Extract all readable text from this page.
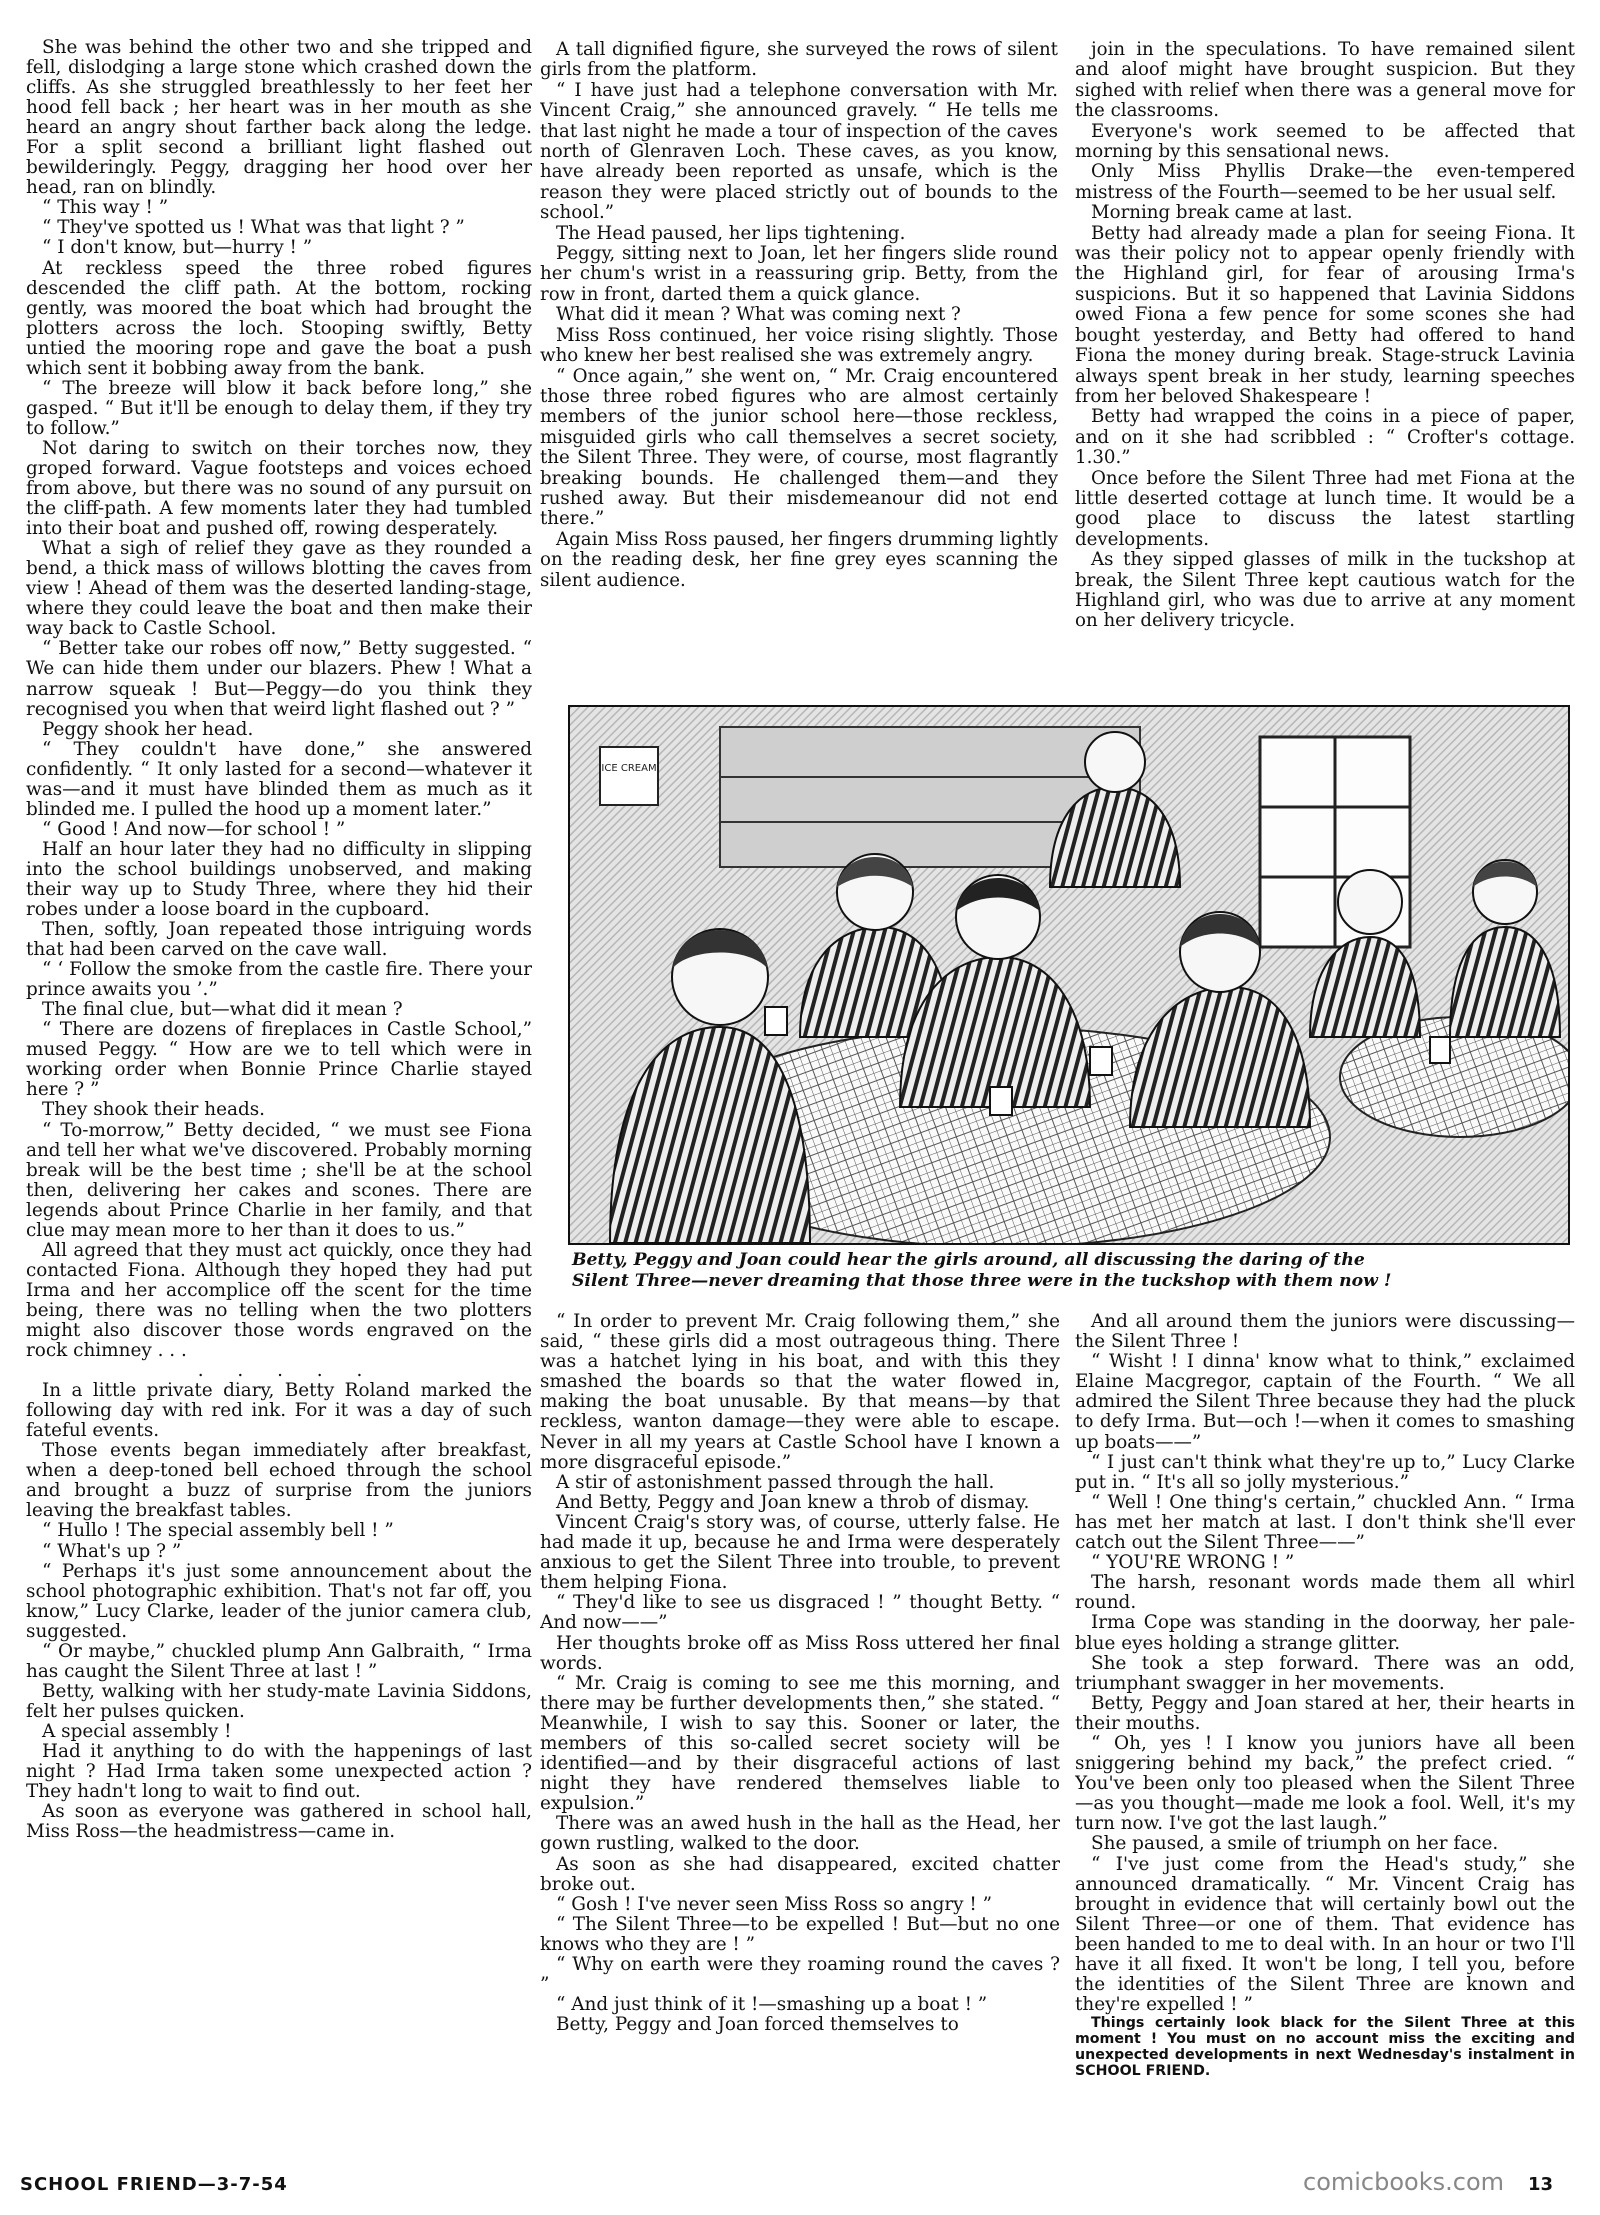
She was behind the other two and she tripped and fell, dislodging a large stone which crashed down the cliffs. As she struggled breathlessly to her feet her hood fell back ; her heart was in her mouth as she heard an angry shout farther back along the ledge. For a split second a brilliant light flashed out bewilderingly. Peggy, dragging her hood over her head, ran on blindly.

“ This way ! ”

“ They've spotted us ! What was that light ? ”

“ I don't know, but—hurry ! ”

At reckless speed the three robed figures descended the cliff path. At the bottom, rocking gently, was moored the boat which had brought the plotters across the loch. Stooping swiftly, Betty untied the mooring rope and gave the boat a push which sent it bobbing away from the bank.

“ The breeze will blow it back before long,” she gasped. “ But it'll be enough to delay them, if they try to follow.”

Not daring to switch on their torches now, they groped forward. Vague footsteps and voices echoed from above, but there was no sound of any pursuit on the cliff-path. A few moments later they had tumbled into their boat and pushed off, rowing desperately.

What a sigh of relief they gave as they rounded a bend, a thick mass of willows blotting the caves from view ! Ahead of them was the deserted landing-stage, where they could leave the boat and then make their way back to Castle School.

“ Better take our robes off now,” Betty suggested. “ We can hide them under our blazers. Phew ! What a narrow squeak ! But—Peggy—do you think they recognised you when that weird light flashed out ? ”

Peggy shook her head.

“ They couldn't have done,” she answered confidently. “ It only lasted for a second—whatever it was—and it must have blinded them as much as it blinded me. I pulled the hood up a moment later.”

“ Good ! And now—for school ! ”

Half an hour later they had no difficulty in slipping into the school buildings unobserved, and making their way up to Study Three, where they hid their robes under a loose board in the cupboard.

Then, softly, Joan repeated those intriguing words that had been carved on the cave wall.

“ ‘ Follow the smoke from the castle fire. There your prince awaits you ’.”

The final clue, but—what did it mean ?

“ There are dozens of fireplaces in Castle School,” mused Peggy. “ How are we to tell which were in working order when Bonnie Prince Charlie stayed here ? ”

They shook their heads.

“ To-morrow,” Betty decided, “ we must see Fiona and tell her what we've discovered. Probably morning break will be the best time ; she'll be at the school then, delivering her cakes and scones. There are legends about Prince Charlie in her family, and that clue may mean more to her than it does to us.”

All agreed that they must act quickly, once they had contacted Fiona. Although they hoped they had put Irma and her accomplice off the scent for the time being, there was no telling when the two plotters might also discover those words engraved on the rock chimney . . .

. . . . .

In a little private diary, Betty Roland marked the following day with red ink. For it was a day of such fateful events.

Those events began immediately after breakfast, when a deep-toned bell echoed through the school and brought a buzz of surprise from the juniors leaving the breakfast tables.

“ Hullo ! The special assembly bell ! ”

“ What's up ? ”

“ Perhaps it's just some announcement about the school photographic exhibition. That's not far off, you know,” Lucy Clarke, leader of the junior camera club, suggested.

“ Or maybe,” chuckled plump Ann Galbraith, “ Irma has caught the Silent Three at last ! ”

Betty, walking with her study-mate Lavinia Siddons, felt her pulses quicken.

A special assembly !

Had it anything to do with the happenings of last night ? Had Irma taken some unexpected action ? They hadn't long to wait to find out.

As soon as everyone was gathered in school hall, Miss Ross—the headmistress—came in.

A tall dignified figure, she surveyed the rows of silent girls from the platform.

“ I have just had a telephone conversation with Mr. Vincent Craig,” she announced gravely. “ He tells me that last night he made a tour of inspection of the caves north of Glenraven Loch. These caves, as you know, have already been reported as unsafe, which is the reason they were placed strictly out of bounds to the school.”

The Head paused, her lips tightening.

Peggy, sitting next to Joan, let her fingers slide round her chum's wrist in a reassuring grip. Betty, from the row in front, darted them a quick glance.

What did it mean ? What was coming next ?

Miss Ross continued, her voice rising slightly. Those who knew her best realised she was extremely angry.

“ Once again,” she went on, “ Mr. Craig encountered those three robed figures who are almost certainly members of the junior school here—those reckless, misguided girls who call themselves a secret society, the Silent Three. They were, of course, most flagrantly breaking bounds. He challenged them—and they rushed away. But their misdemeanour did not end there.”

Again Miss Ross paused, her fingers drumming lightly on the reading desk, her fine grey eyes scanning the silent audience.

join in the speculations. To have remained silent and aloof might have brought suspicion. But they sighed with relief when there was a general move for the classrooms.

Everyone's work seemed to be affected that morning by this sensational news.

Only Miss Phyllis Drake—the even-tempered mistress of the Fourth—seemed to be her usual self.

Morning break came at last.

Betty had already made a plan for seeing Fiona. It was their policy not to appear openly friendly with the Highland girl, for fear of arousing Irma's suspicions. But it so happened that Lavinia Siddons owed Fiona a few pence for some scones she had bought yesterday, and Betty had offered to hand Fiona the money during break. Stage-struck Lavinia always spent break in her study, learning speeches from her beloved Shakespeare !

Betty had wrapped the coins in a piece of paper, and on it she had scribbled : “ Crofter's cottage. 1.30.”

Once before the Silent Three had met Fiona at the little deserted cottage at lunch time. It would be a good place to discuss the latest startling developments.

As they sipped glasses of milk in the tuckshop at break, the Silent Three kept cautious watch for the Highland girl, who was due to arrive at any moment on her delivery tricycle.

ICE CREAM
Betty, Peggy and Joan could hear the girls around, all discussing the daring of the
Silent Three—never dreaming that those three were in the tuckshop with them now !

“ In order to prevent Mr. Craig following them,” she said, “ these girls did a most outrageous thing. There was a hatchet lying in his boat, and with this they smashed the boards so that the water flowed in, making the boat unusable. By that means—by that reckless, wanton damage—they were able to escape. Never in all my years at Castle School have I known a more disgraceful episode.”

A stir of astonishment passed through the hall.

And Betty, Peggy and Joan knew a throb of dismay.

Vincent Craig's story was, of course, utterly false. He had made it up, because he and Irma were desperately anxious to get the Silent Three into trouble, to prevent them helping Fiona.

“ They'd like to see us disgraced ! ” thought Betty. “ And now——”

Her thoughts broke off as Miss Ross uttered her final words.

“ Mr. Craig is coming to see me this morning, and there may be further developments then,” she stated. “ Meanwhile, I wish to say this. Sooner or later, the members of this so-called secret society will be identified—and by their disgraceful actions of last night they have rendered themselves liable to expulsion.”

There was an awed hush in the hall as the Head, her gown rustling, walked to the door.

As soon as she had disappeared, excited chatter broke out.

“ Gosh ! I've never seen Miss Ross so angry ! ”

“ The Silent Three—to be expelled ! But—but no one knows who they are ! ”

“ Why on earth were they roaming round the caves ? ”

“ And just think of it !—smashing up a boat ! ”

Betty, Peggy and Joan forced themselves to

And all around them the juniors were discussing—the Silent Three !

“ Wisht ! I dinna' know what to think,” exclaimed Elaine Macgregor, captain of the Fourth. “ We all admired the Silent Three because they had the pluck to defy Irma. But—och !—when it comes to smashing up boats——”

“ I just can't think what they're up to,” Lucy Clarke put in. “ It's all so jolly mysterious.”

“ Well ! One thing's certain,” chuckled Ann. “ Irma has met her match at last. I don't think she'll ever catch out the Silent Three——”

“ YOU'RE WRONG ! ”

The harsh, resonant words made them all whirl round.

Irma Cope was standing in the doorway, her pale-blue eyes holding a strange glitter.

She took a step forward. There was an odd, triumphant swagger in her movements.

Betty, Peggy and Joan stared at her, their hearts in their mouths.

“ Oh, yes ! I know you juniors have all been sniggering behind my back,” the prefect cried. “ You've been only too pleased when the Silent Three—as you thought—made me look a fool. Well, it's my turn now. I've got the last laugh.”

She paused, a smile of triumph on her face.

“ I've just come from the Head's study,” she announced dramatically. “ Mr. Vincent Craig has brought in evidence that will certainly bowl out the Silent Three—or one of them. That evidence has been handed to me to deal with. In an hour or two I'll have it all fixed. It won't be long, I tell you, before the identities of the Silent Three are known and they're expelled ! ”

Things certainly look black for the Silent Three at this moment ! You must on no account miss the exciting and unexpected developments in next Wednesday's instalment in SCHOOL FRIEND.

SCHOOL FRIEND—3-7-54	comicbooks.com 13
